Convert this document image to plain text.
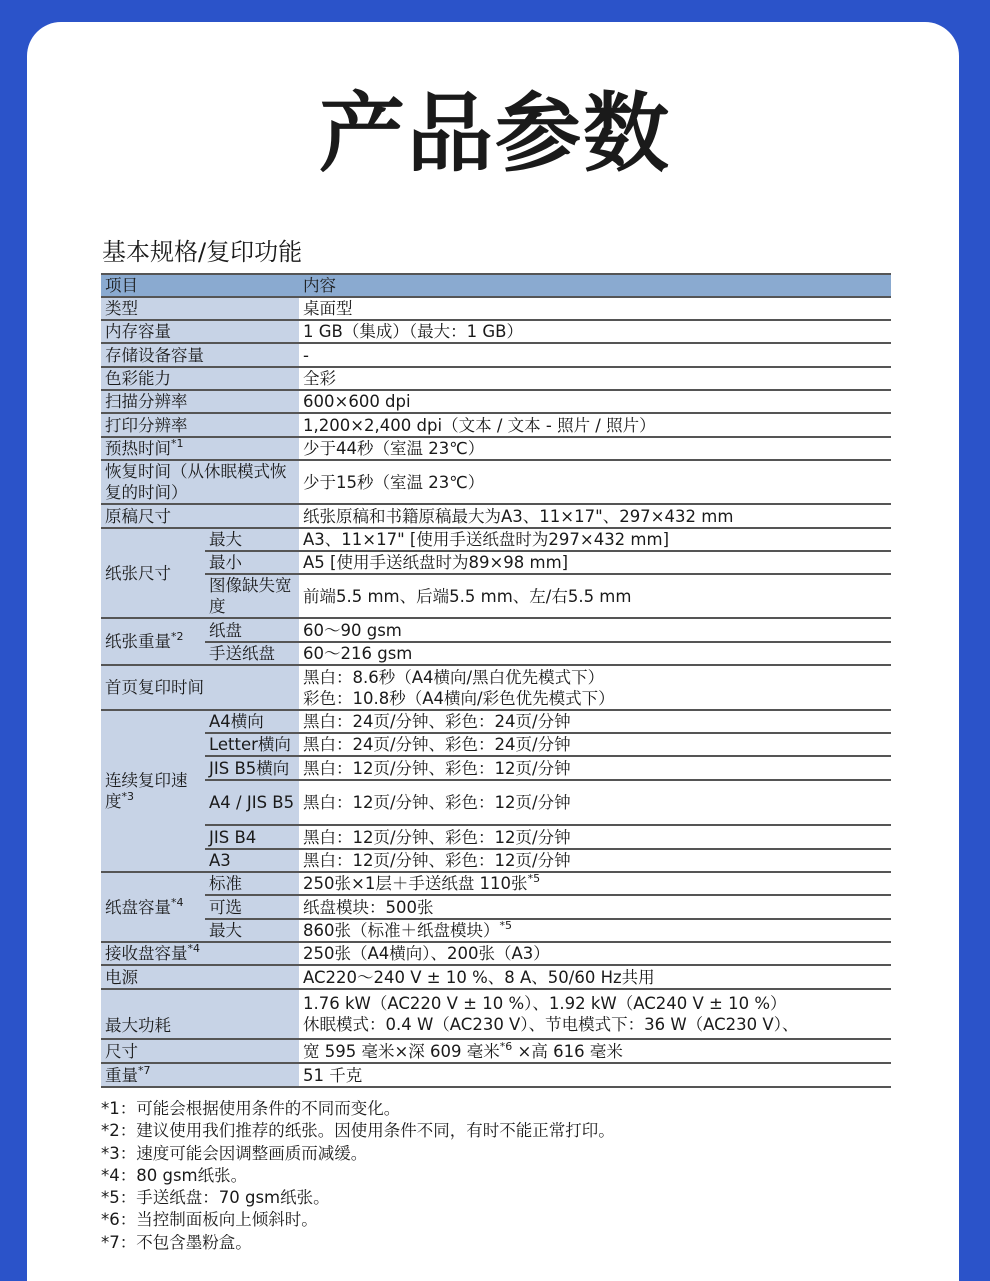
产品参数
基本规格/复印功能
项目		内容
类型		桌面型
内存容量		1 GB（集成）（最大：1 GB）
存储设备容量		-
色彩能力		全彩
扫描分辨率		600×600 dpi
打印分辨率		1,200×2,400 dpi（文本 / 文本 - 照片 / 照片）
预热时间$^{*1}$		少于44秒（室温 23℃）
恢复时间（从休眠模式恢复的时间）		少于15秒（室温 23℃）
原稿尺寸		纸张原稿和书籍原稿最大为A3、11×17"、297×432 mm
纸张尺寸	最大	A3、11×17" [使用手送纸盘时为297×432 mm]
	最小	A5 [使用手送纸盘时为89×98 mm]
	图像缺失宽度	前端5.5 mm、后端5.5 mm、左/右5.5 mm
纸张重量$^{*2}$	纸盘	60～90 gsm
	手送纸盘	60～216 gsm
首页复印时间		黑白：8.6秒（A4横向/黑白优先模式下）
彩色：10.8秒（A4横向/彩色优先模式下）

连续复印速度$^{*3}$	A4横向	黑白：24页/分钟、彩色：24页/分钟
	Letter横向	黑白：24页/分钟、彩色：24页/分钟
	JIS B5横向	黑白：12页/分钟、彩色：12页/分钟
	A4 / JIS B5	黑白：12页/分钟、彩色：12页/分钟
	JIS B4	黑白：12页/分钟、彩色：12页/分钟
	A3	黑白：12页/分钟、彩色：12页/分钟
纸盘容量$^{*4}$	标准	250张×1层＋手送纸盘 110张$^{*5}$
	可选	纸盘模块：500张
	最大	860张（标准＋纸盘模块）$^{*5}$
接收盘容量$^{*4}$		250张（A4横向）、200张（A3）
电源		AC220～240 V ± 10 %、8 A、50/60 Hz共用
最大功耗		1.76 kW（AC220 V ± 10 %）、1.92 kW（AC240 V ± 10 %）
休眠模式：0.4 W（AC230 V）、节电模式下：36 W（AC230 V）、

尺寸		宽 595 毫米×深 609 毫米$^{*6}$ ×高 616 毫米
重量$^{*7}$		51 千克
*1：可能会根据使用条件的不同而变化。
*2：建议使用我们推荐的纸张。因使用条件不同，有时不能正常打印。
*3：速度可能会因调整画质而减缓。
*4：80 gsm纸张。
*5：手送纸盘：70 gsm纸张。
*6：当控制面板向上倾斜时。
*7：不包含墨粉盒。
